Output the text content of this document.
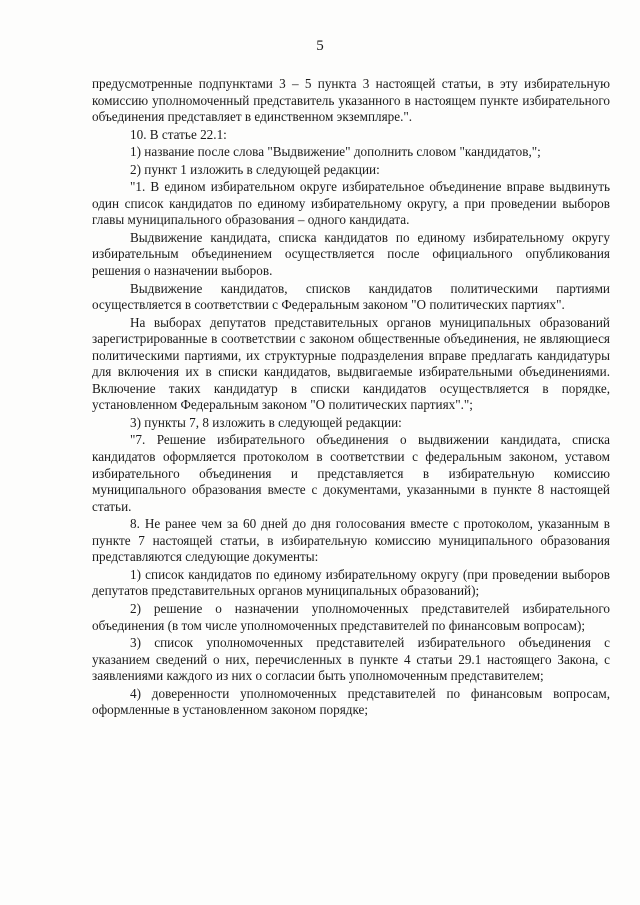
5

предусмотренные подпунктами 3 – 5 пункта 3 настоящей статьи, в эту избирательную комиссию уполномоченный представитель указанного в настоящем пункте избирательного объединения представляет в единственном экземпляре.".

10. В статье 22.1:

1) название после слова "Выдвижение" дополнить словом "кандидатов,";

2) пункт 1 изложить в следующей редакции:

"1. В едином избирательном округе избирательное объединение вправе выдвинуть один список кандидатов по единому избирательному округу, а при проведении выборов главы муниципального образования – одного кандидата.

Выдвижение кандидата, списка кандидатов по единому избирательному округу избирательным объединением осуществляется после официального опубликования решения о назначении выборов.

Выдвижение кандидатов, списков кандидатов политическими партиями осуществляется в соответствии с Федеральным законом "О политических партиях".

На выборах депутатов представительных органов муниципальных образований зарегистрированные в соответствии с законом общественные объединения, не являющиеся политическими партиями, их структурные подразделения вправе предлагать кандидатуры для включения их в списки кандидатов, выдвигаемые избирательными объединениями. Включение таких кандидатур в списки кандидатов осуществляется в порядке, установленном Федеральным законом "О политических партиях".";

3) пункты 7, 8 изложить в следующей редакции:

"7. Решение избирательного объединения о выдвижении кандидата, списка кандидатов оформляется протоколом в соответствии с федеральным законом, уставом избирательного объединения и представляется в избирательную комиссию муниципального образования вместе с документами, указанными в пункте 8 настоящей статьи.

8. Не ранее чем за 60 дней до дня голосования вместе с протоколом, указанным в пункте 7 настоящей статьи, в избирательную комиссию муниципального образования представляются следующие документы:

1) список кандидатов по единому избирательному округу (при проведении выборов депутатов представительных органов муниципальных образований);

2) решение о назначении уполномоченных представителей избирательного объединения (в том числе уполномоченных представителей по финансовым вопросам);

3) список уполномоченных представителей избирательного объединения с указанием сведений о них, перечисленных в пункте 4 статьи 29.1 настоящего Закона, с заявлениями каждого из них о согласии быть уполномоченным представителем;

4) доверенности уполномоченных представителей по финансовым вопросам, оформленные в установленном законом порядке;
